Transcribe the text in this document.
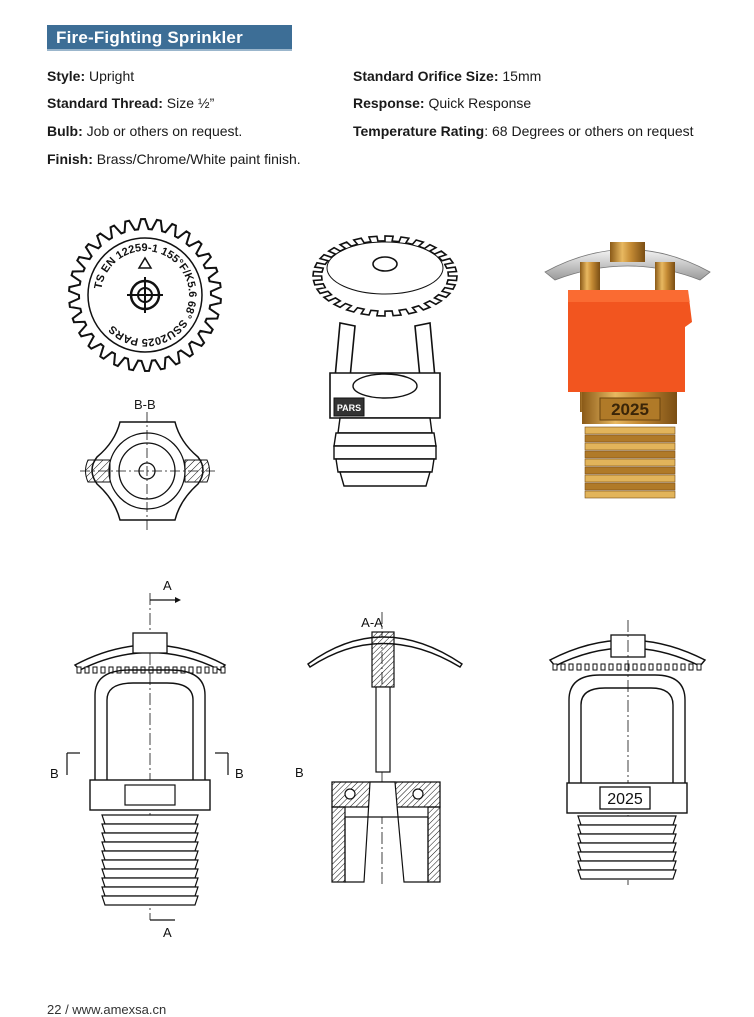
Fire-Fighting Sprinkler
Style: Upright
Standard Thread: Size ½”
Bulb: Job or others on request.
Finish: Brass/Chrome/White paint finish.
Standard Orifice Size: 15mm
Response: Quick Response
Temperature Rating: 68 Degrees or others on request
TS EN 12259-1 155°F/K5.6 68° SSU2025 PARS
B-B	PARS	2025
A
B	B
A
A-A
B
2025
22 / www.amexsa.cn
